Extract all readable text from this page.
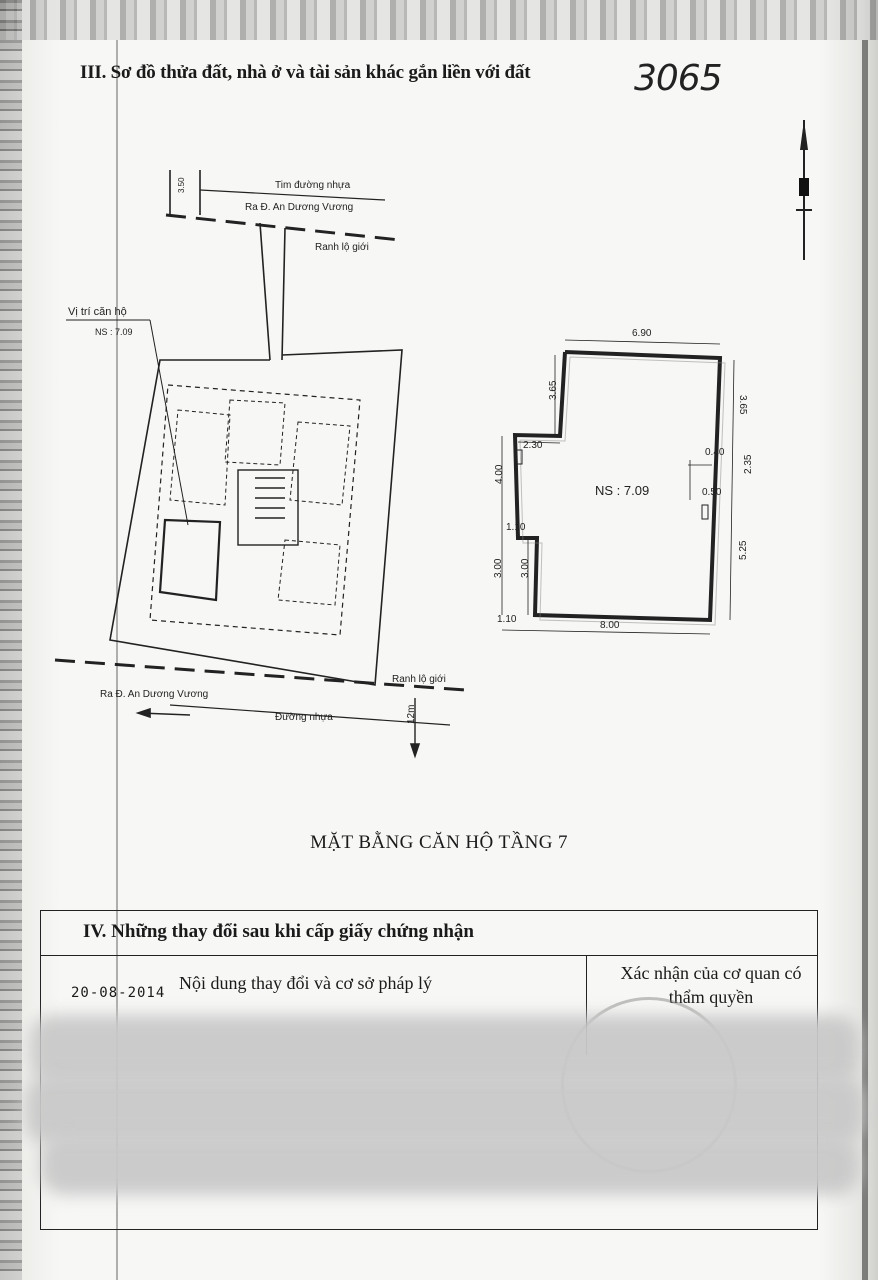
III. Sơ đồ thửa đất, nhà ở và tài sản khác gắn liền với đất	3065
Tim đường nhựa
Ra Đ. An Dương Vương
3.50
Ranh lộ giới
Vị trí căn hộ
NS : 7.09
Ranh lộ giới
Ra Đ. An Dương Vương
Đường nhựa	12m
NS : 7.09
6.90
3.65
2.30
3.65
0.40
2.35
0.50
5.25
4.00
1.10
3.00 3.00
1.10
8.00
MẶT BẰNG CĂN HỘ TẦNG 7
IV. Những thay đổi sau khi cấp giấy chứng nhận
20-08-2014 Nội dung thay đổi và cơ sở pháp lý	Xác nhận của cơ quan có thẩm quyền
